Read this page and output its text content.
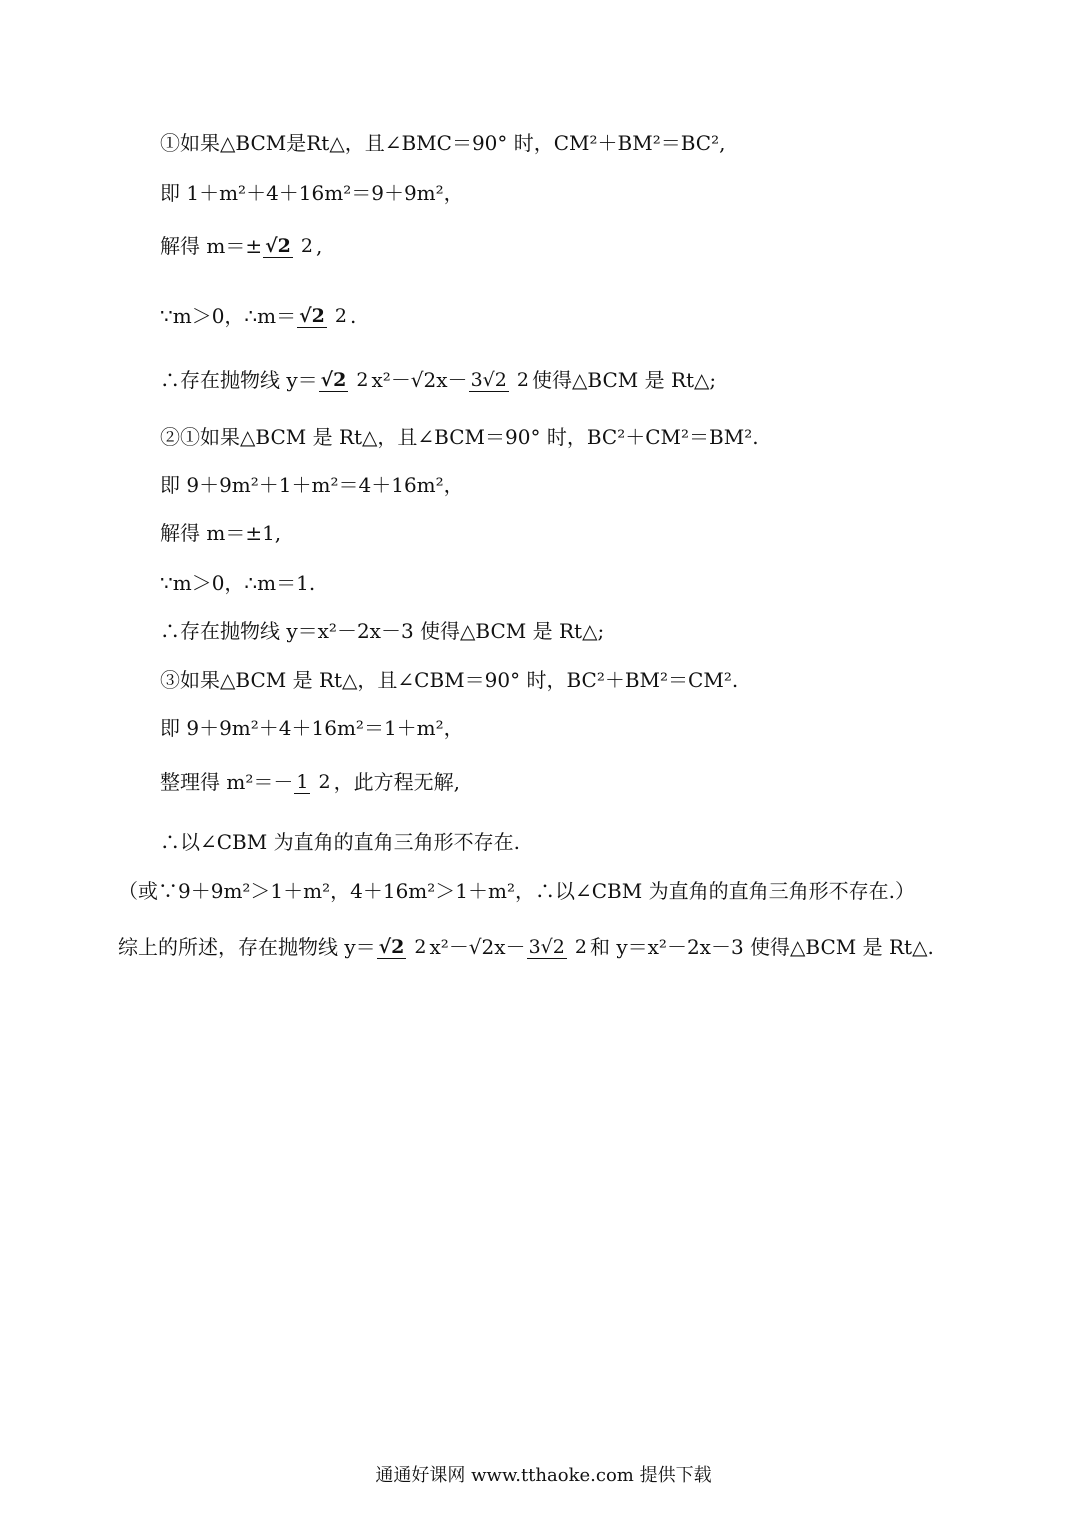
①如果△BCM是Rt△，且∠BMC＝90° 时，CM²＋BM²＝BC²,
即 1＋m²＋4＋16m²＝9＋9m²，
解得 m＝± √2 2 ,
∵m＞0，∴m＝ √2 2 .
∴存在抛物线 y＝ √2 2 x²－√2x－ 3√2 2 使得△BCM 是 Rt△;
②①如果△BCM 是 Rt△，且∠BCM＝90° 时，BC²＋CM²＝BM².
即 9＋9m²＋1＋m²＝4＋16m²，
解得 m＝±1,
∵m＞0，∴m＝1.
∴存在抛物线 y＝x²－2x－3 使得△BCM 是 Rt△;
③如果△BCM 是 Rt△，且∠CBM＝90° 时，BC²＋BM²＝CM².
即 9＋9m²＋4＋16m²＝1＋m²，
整理得 m²＝－ 1 2 ，此方程无解,
∴以∠CBM 为直角的直角三角形不存在.
（或∵9＋9m²＞1＋m²，4＋16m²＞1＋m²，∴以∠CBM 为直角的直角三角形不存在.）
综上的所述，存在抛物线 y＝ √2 2 x²－√2x－ 3√2 2 和 y＝x²－2x－3 使得△BCM 是 Rt△.
通通好课网 www.tthaoke.com 提供下载
